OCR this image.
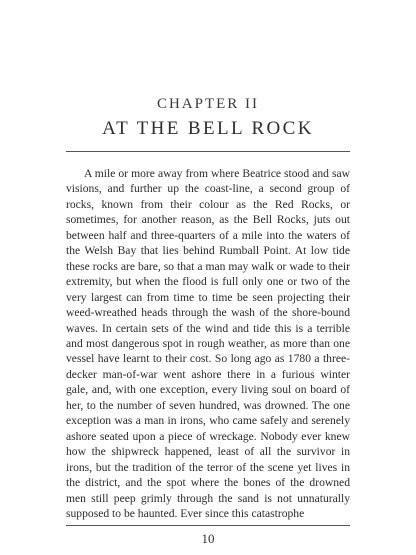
CHAPTER II
AT THE BELL ROCK

A mile or more away from where Beatrice stood and saw visions, and further up the coast-line, a second group of rocks, known from their colour as the Red Rocks, or sometimes, for another reason, as the Bell Rocks, juts out between half and three-quarters of a mile into the waters of the Welsh Bay that lies behind Rumball Point. At low tide these rocks are bare, so that a man may walk or wade to their extremity, but when the flood is full only one or two of the very largest can from time to time be seen projecting their weed-wreathed heads through the wash of the shore-bound waves. In certain sets of the wind and tide this is a terrible and most dangerous spot in rough weather, as more than one vessel have learnt to their cost. So long ago as 1780 a three-decker man-of-war went ashore there in a furious winter gale, and, with one exception, every living soul on board of her, to the number of seven hundred, was drowned. The one exception was a man in irons, who came safely and serenely ashore seated upon a piece of wreckage. Nobody ever knew how the shipwreck happened, least of all the survivor in irons, but the tradition of the terror of the scene yet lives in the district, and the spot where the bones of the drowned men still peep grimly through the sand is not unnaturally supposed to be haunted. Ever since this catastrophe

10
